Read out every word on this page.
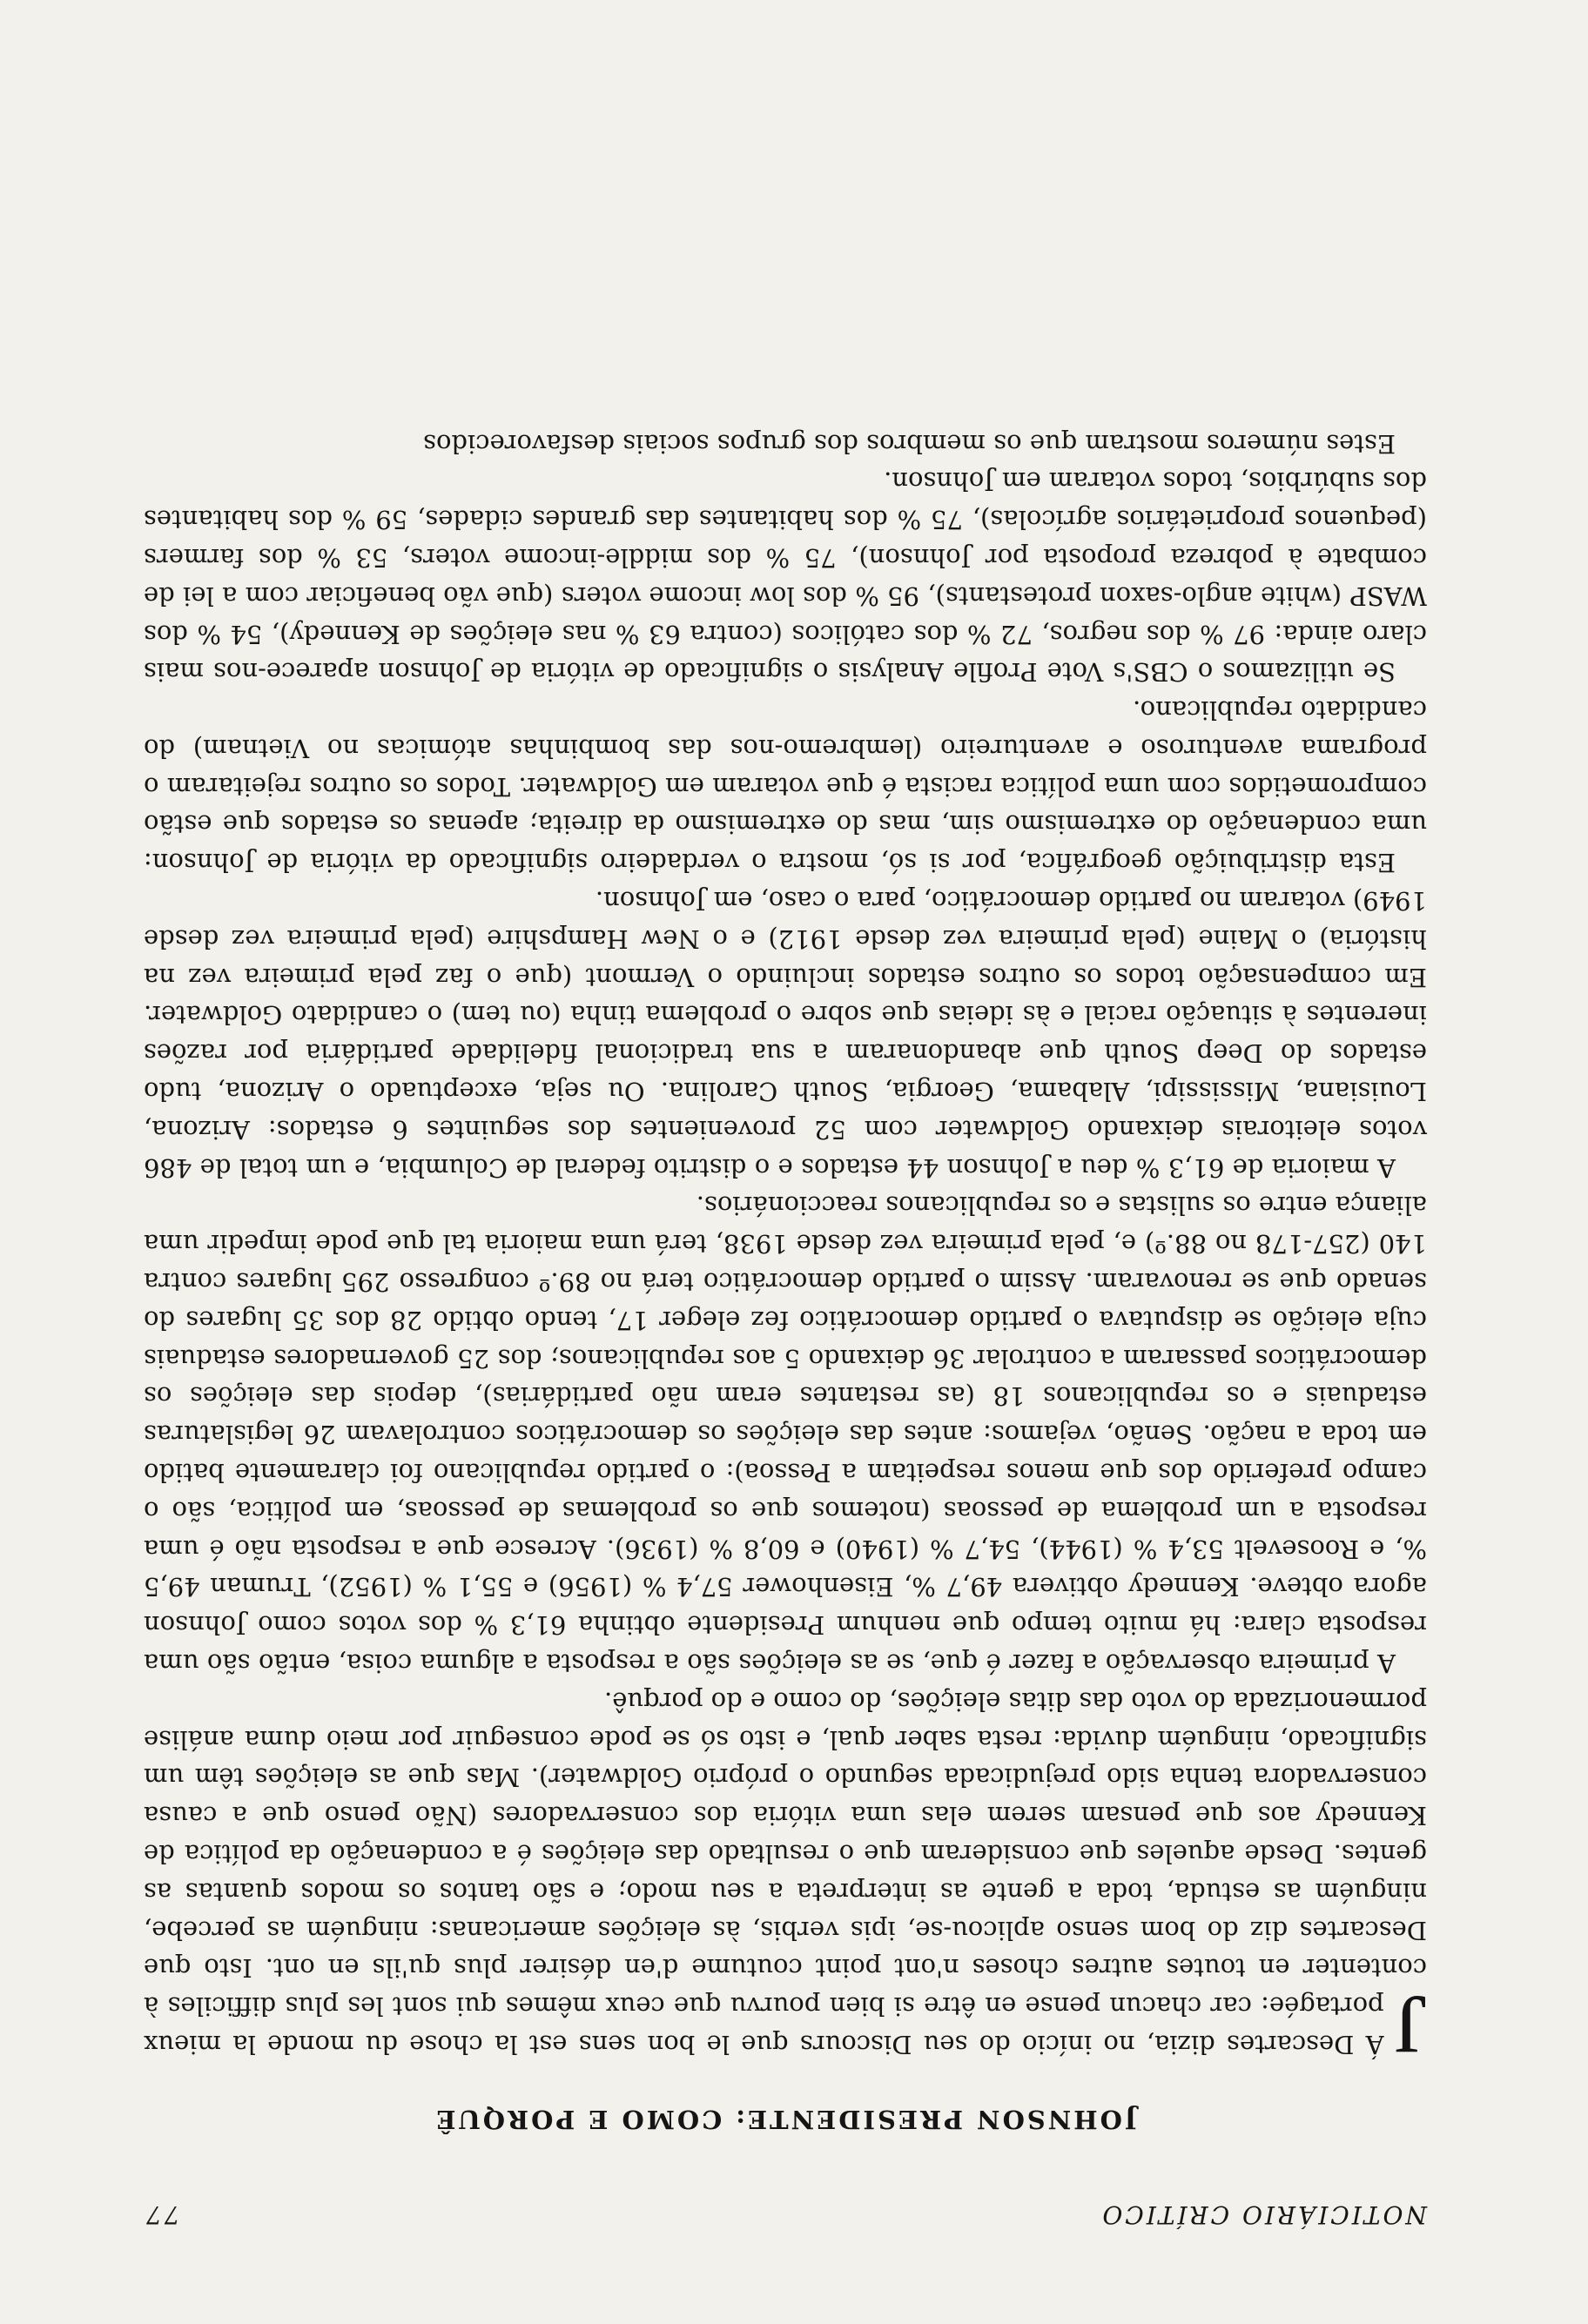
NOTICIÁRIO CRÍTICO
77
JOHNSON PRESIDENTE: COMO E PORQUÊ

J
Á Descartes dizia, no início do seu Discours que le bon sens est la chose du monde la mieux portagée: car chacun pense en être si bien pourvu que ceux mêmes qui sont les plus difficiles à contenter en toutes autres choses n'ont point coutume d'en désirer plus qu'ils en ont. Isto que Descartes diz do bom senso aplicou-se, ipis verbis, às eleições americanas: ninguém as percebe, ninguém as estuda, toda a gente as interpreta a seu modo; e são tantos os modos quantas as gentes. Desde aqueles que consideram que o resultado das eleições é a condenação da política de Kennedy aos que pensam serem elas uma vitória dos conservadores (Não penso que a causa conservadora tenha sido prejudicada segundo o próprio Goldwater). Mas que as eleições têm um significado, ninguém duvida: resta saber qual, e isto só se pode conseguir por meio duma análise pormenorizada do voto das ditas eleições, do como e do porquê.

A primeira observação a fazer é que, se as eleições são a resposta a alguma coisa, então são uma resposta clara: há muito tempo que nenhum Presidente obtinha 61,3 % dos votos como Johnson agora obteve. Kennedy obtivera 49,7 %, Eisenhower 57,4 % (1956) e 55,1 % (1952), Truman 49,5 %, e Roosevelt 53,4 % (1944), 54,7 % (1940) e 60,8 % (1936). Acresce que a resposta não é uma resposta a um problema de pessoas (notemos que os problemas de pessoas, em política, são o campo preferido dos que menos respeitam a Pessoa): o partido republicano foi claramente batido em toda a nação. Senão, vejamos: antes das eleições os democráticos controlavam 26 legislaturas estaduais e os republicanos 18 (as restantes eram não partidárias), depois das eleições os democráticos passaram a controlar 36 deixando 5 aos republicanos; dos 25 governadores estaduais cuja eleição se disputava o partido democrático fez eleger 17, tendo obtido 28 dos 35 lugares do senado que se renovaram. Assim o partido democrático terá no 89.º congresso 295 lugares contra 140 (257-178 no 88.º) e, pela primeira vez desde 1938, terá uma maioria tal que pode impedir uma aliança entre os sulistas e os republicanos reaccionários.

A maioria de 61,3 % deu a Johnson 44 estados e o distrito federal de Columbia, e um total de 486 votos eleitorais deixando Goldwater com 52 provenientes dos seguintes 6 estados: Arizona, Louisiana, Mississipi, Alabama, Georgia, South Carolina. Ou seja, exceptuado o Arizona, tudo estados do Deep South que abandonaram a sua tradicional fidelidade partidária por razões inerentes à situação racial e às ideias que sobre o problema tinha (ou tem) o candidato Goldwater. Em compensação todos os outros estados incluindo o Vermont (que o faz pela primeira vez na história) o Maine (pela primeira vez desde 1912) e o New Hampshire (pela primeira vez desde 1949) votaram no partido democrático, para o caso, em Johnson.

Esta distribuição geográfica, por si só, mostra o verdadeiro significado da vitória de Johnson: uma condenação do extremismo sim, mas do extremismo da direita; apenas os estados que estão comprometidos com uma política racista é que votaram em Goldwater. Todos os outros rejeitaram o programa aventuroso e aventureiro (lembremo-nos das bombinhas atómicas no Vietnam) do candidato republicano.

Se utilizamos o CBS's Vote Profile Analysis o significado de vitória de Johnson aparece-nos mais claro ainda: 97 % dos negros, 72 % dos católicos (contra 63 % nas eleições de Kennedy), 54 % dos WASP (white anglo-saxon protestants), 95 % dos low income voters (que vão beneficiar com a lei de combate à pobreza proposta por Johnson), 75 % dos middle-income voters, 53 % dos farmers (pequenos proprietários agrícolas), 75 % dos habitantes das grandes cidades, 59 % dos habitantes dos subúrbios, todos votaram em Johnson.

Estes números mostram que os membros dos grupos sociais desfavorecidos
